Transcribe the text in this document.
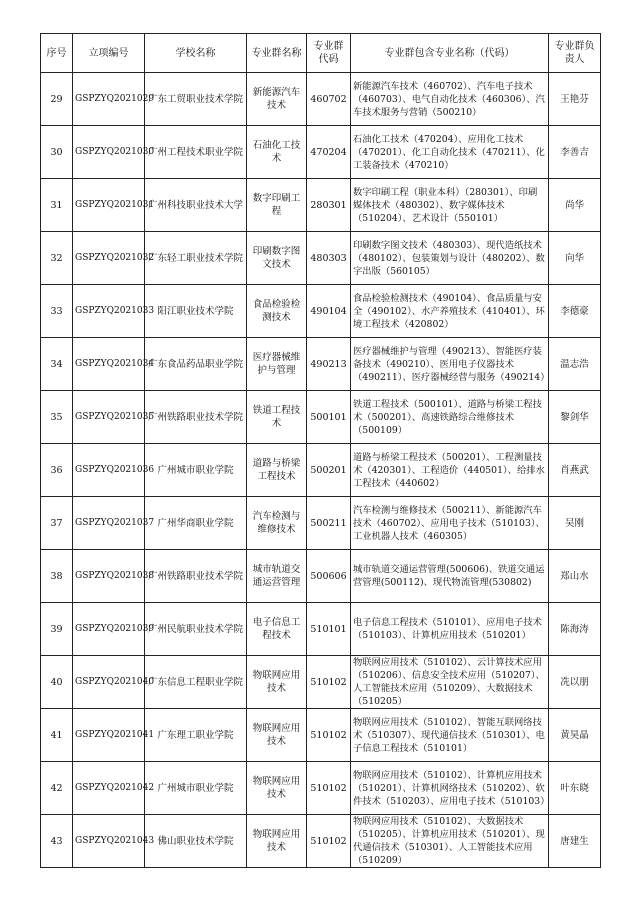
序号	立项编号	学校名称	专业群名称	专业群代码	专业群包含专业名称（代码）	专业群负责人
29	GSPZYQ2021029	广东工贸职业技术学院	新能源汽车技术	460702	新能源汽车技术（460702）、汽车电子技术（460703）、电气自动化技术（460306）、汽车技术服务与营销（500210）	王艳芬
30	GSPZYQ2021030	广州工程技术职业学院	石油化工技术	470204	石油化工技术（470204）、应用化工技术（470201）、化工自动化技术（470211）、化工装备技术（470210）	李善吉
31	GSPZYQ2021031	广州科技职业技术大学	数字印刷工程	280301	数字印刷工程（职业本科）（280301）、印刷媒体技术（480302）、数字媒体技术（510204）、艺术设计（550101）	尚华
32	GSPZYQ2021032	广东轻工职业技术学院	印刷数字图文技术	480303	印刷数字图文技术（480303）、现代造纸技术（480102）、包装策划与设计（480202）、数字出版（560105）	向华
33	GSPZYQ2021033	阳江职业技术学院	食品检验检测技术	490104	食品检验检测技术（490104）、食品质量与安全（490102）、水产养殖技术（410401）、环境工程技术（420802）	李德豪
34	GSPZYQ2021034	广东食品药品职业学院	医疗器械维护与管理	490213	医疗器械维护与管理（490213）、智能医疗装备技术（490210）、医用电子仪器技术（490211）、医疗器械经营与服务（490214）	温志浩
35	GSPZYQ2021035	广州铁路职业技术学院	铁道工程技术	500101	铁道工程技术（500101）、道路与桥梁工程技术（500201）、高速铁路综合维修技术（500109）	黎剑华
36	GSPZYQ2021036	广州城市职业学院	道路与桥梁工程技术	500201	道路与桥梁工程技术（500201）、工程测量技术（420301）、工程造价（440501）、给排水工程技术（440602）	肖燕武
37	GSPZYQ2021037	广州华商职业学院	汽车检测与维修技术	500211	汽车检测与维修技术（500211）、新能源汽车技术（460702）、应用电子技术（510103）、工业机器人技术（460305）	吴刚
38	GSPZYQ2021038	广州铁路职业技术学院	城市轨道交通运营管理	500606	城市轨道交通运营管理(500606)、铁道交通运营管理(500112)、现代物流管理(530802)	郑山水
39	GSPZYQ2021039	广州民航职业技术学院	电子信息工程技术	510101	电子信息工程技术（510101）、应用电子技术（510103）、计算机应用技术（510201）	陈海涛
40	GSPZYQ2021040	广东信息工程职业学院	物联网应用技术	510102	物联网应用技术（510102）、云计算技术应用（510206）、信息安全技术应用（510207）、人工智能技术应用（510209）、大数据技术（510205）	冼以朋
41	GSPZYQ2021041	广东理工职业学院	物联网应用技术	510102	物联网应用技术（510102）、智能互联网络技术（510307）、现代通信技术（510301）、电子信息工程技术（510101）	黄昊晶
42	GSPZYQ2021042	广州城市职业学院	物联网应用技术	510102	物联网应用技术（510102）、计算机应用技术（510201）、计算机网络技术（510202）、软件技术（510203）、应用电子技术（510103）	叶东晓
43	GSPZYQ2021043	佛山职业技术学院	物联网应用技术	510102	物联网应用技术（510102）、大数据技术（510205）、计算机应用技术（510201）、现代通信技术（510301）、人工智能技术应用（510209）	唐建生
